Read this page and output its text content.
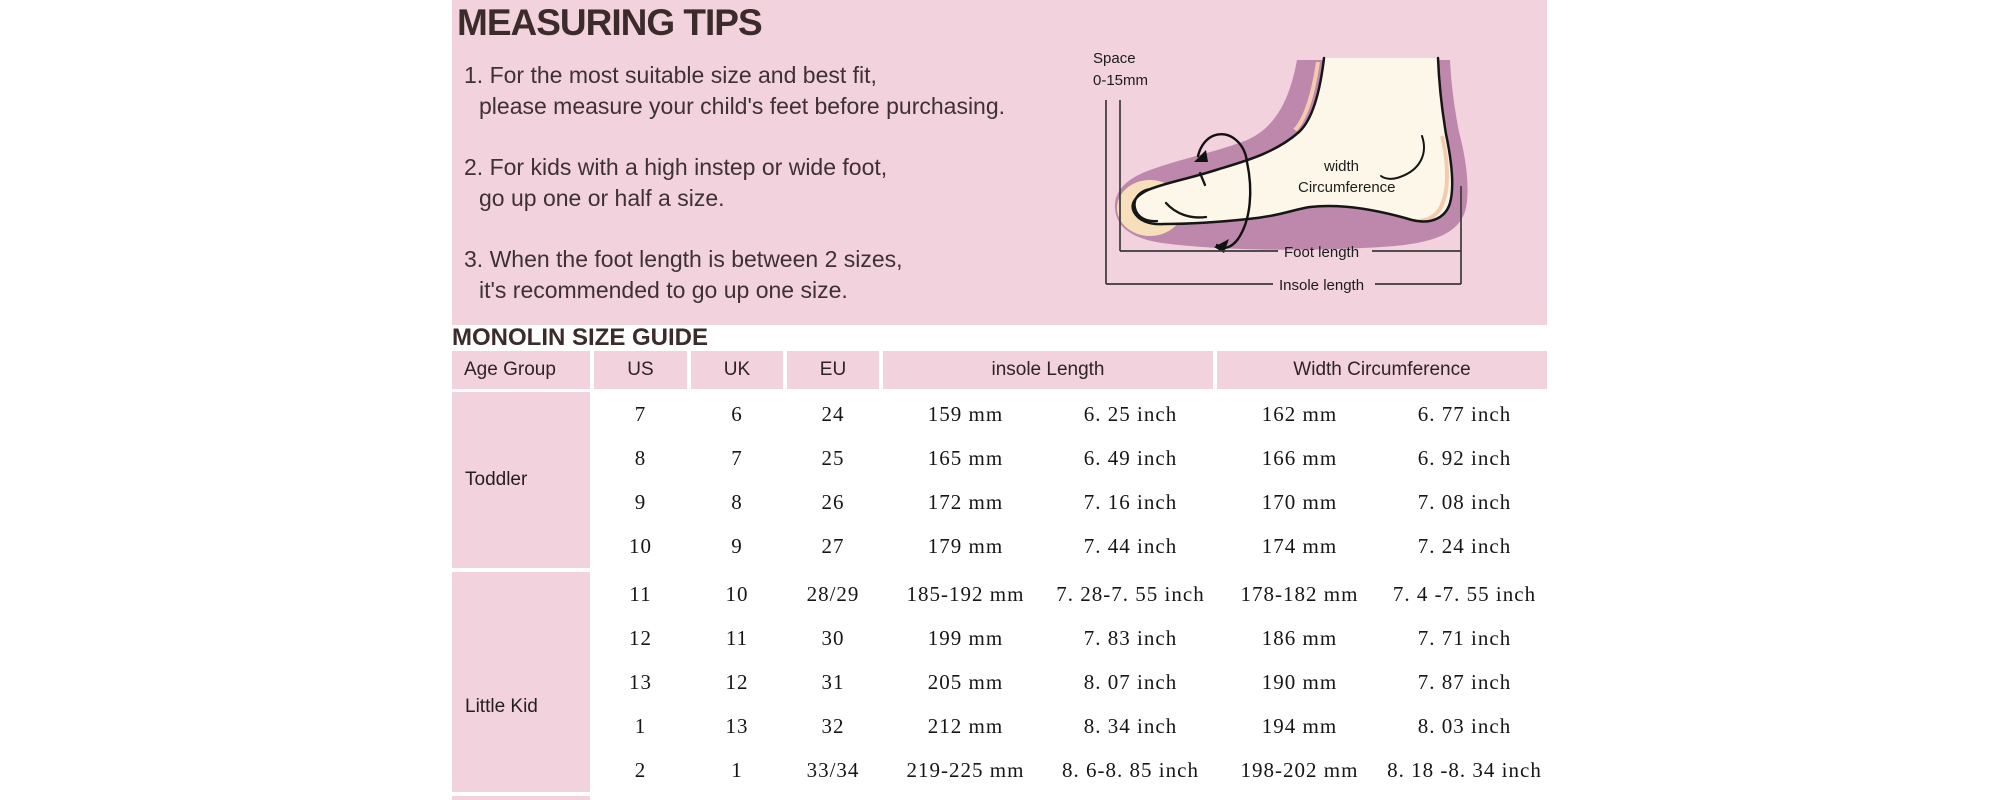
MEASURING TIPS
1. For the most suitable size and best fit,
please measure your child's feet before purchasing.
2. For kids with a high instep or wide foot,
go up one or half a size.
3. When the foot length is between 2 sizes,
it's recommended to go up one size.
Space
0-15mm
width
Circumference
Foot length
Insole length
MONOLIN SIZE GUIDE
Age Group	US	UK	EU	insole Length	Width Circumference
Toddler
7	6	24	159 mm	6. 25 inch	162 mm	6. 77 inch
8	7	25	165 mm	6. 49 inch	166 mm	6. 92 inch
9	8	26	172 mm	7. 16 inch	170 mm	7. 08 inch
10	9	27	179 mm	7. 44 inch	174 mm	7. 24 inch
Little Kid
11	10	28/29	185-192 mm	7. 28-7. 55 inch	178-182 mm	7. 4 -7. 55 inch
12	11	30	199 mm	7. 83 inch	186 mm	7. 71 inch
13	12	31	205 mm	8. 07 inch	190 mm	7. 87 inch
1	13	32	212 mm	8. 34 inch	194 mm	8. 03 inch
2	1	33/34	219-225 mm	8. 6-8. 85 inch	198-202 mm	8. 18 -8. 34 inch
